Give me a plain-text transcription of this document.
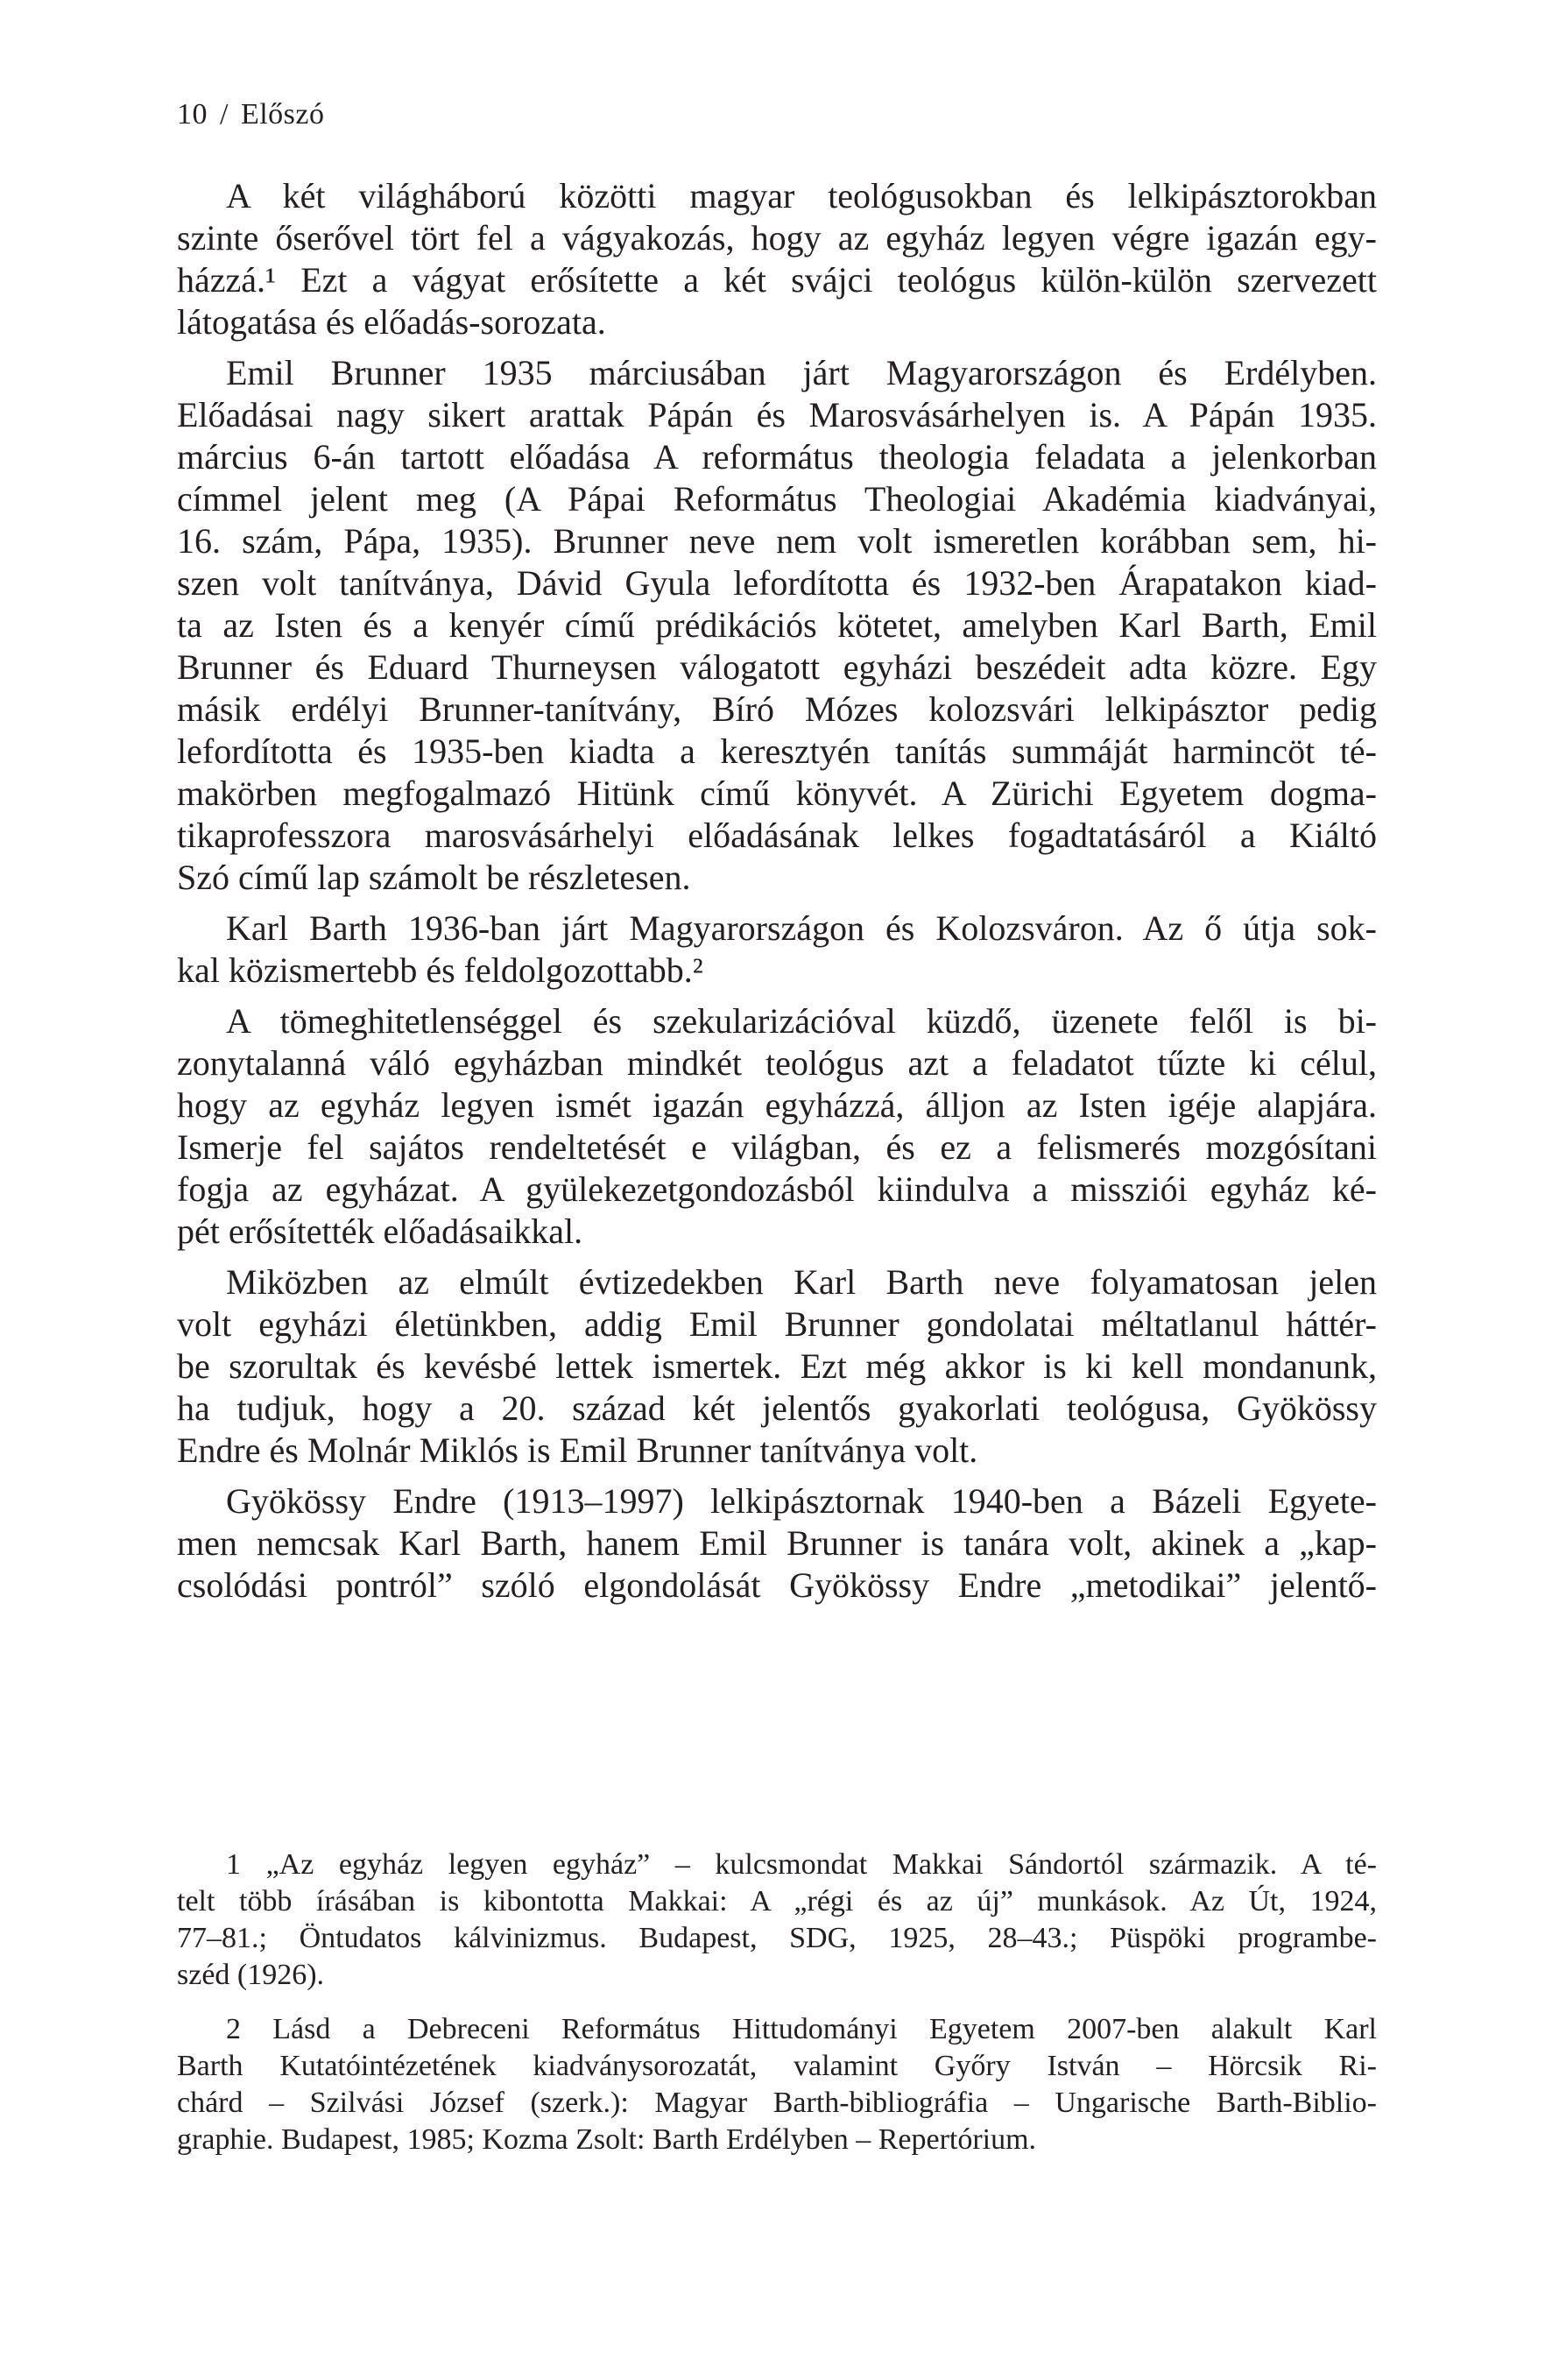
10 / Előszó
A két világháború közötti magyar teológusokban és lelkipásztorokban
szinte őserővel tört fel a vágyakozás, hogy az egyház legyen végre igazán egy-
házzá.¹ Ezt a vágyat erősítette a két svájci teológus külön-külön szervezett
látogatása és előadás-sorozata.
Emil Brunner 1935 márciusában járt Magyarországon és Erdélyben.
Előadásai nagy sikert arattak Pápán és Marosvásárhelyen is. A Pápán 1935.
március 6-án tartott előadása A református theologia feladata a jelenkorban
címmel jelent meg (A Pápai Református Theologiai Akadémia kiadványai,
16. szám, Pápa, 1935). Brunner neve nem volt ismeretlen korábban sem, hi-
szen volt tanítványa, Dávid Gyula lefordította és 1932-ben Árapatakon kiad-
ta az Isten és a kenyér című prédikációs kötetet, amelyben Karl Barth, Emil
Brunner és Eduard Thurneysen válogatott egyházi beszédeit adta közre. Egy
másik erdélyi Brunner-tanítvány, Bíró Mózes kolozsvári lelkipásztor pedig
lefordította és 1935-ben kiadta a keresztyén tanítás summáját harmincöt té-
makörben megfogalmazó Hitünk című könyvét. A Zürichi Egyetem dogma-
tikaprofesszora marosvásárhelyi előadásának lelkes fogadtatásáról a Kiáltó
Szó című lap számolt be részletesen.
Karl Barth 1936-ban járt Magyarországon és Kolozsváron. Az ő útja sok-
kal közismertebb és feldolgozottabb.²
A tömeghitetlenséggel és szekularizációval küzdő, üzenete felől is bi-
zonytalanná váló egyházban mindkét teológus azt a feladatot tűzte ki célul,
hogy az egyház legyen ismét igazán egyházzá, álljon az Isten igéje alapjára.
Ismerje fel sajátos rendeltetését e világban, és ez a felismerés mozgósítani
fogja az egyházat. A gyülekezetgondozásból kiindulva a missziói egyház ké-
pét erősítették előadásaikkal.
Miközben az elmúlt évtizedekben Karl Barth neve folyamatosan jelen
volt egyházi életünkben, addig Emil Brunner gondolatai méltatlanul háttér-
be szorultak és kevésbé lettek ismertek. Ezt még akkor is ki kell mondanunk,
ha tudjuk, hogy a 20. század két jelentős gyakorlati teológusa, Gyökössy
Endre és Molnár Miklós is Emil Brunner tanítványa volt.
Gyökössy Endre (1913–1997) lelkipásztornak 1940-ben a Bázeli Egyete-
men nemcsak Karl Barth, hanem Emil Brunner is tanára volt, akinek a „kap-
csolódási pontról” szóló elgondolását Gyökössy Endre „metodikai” jelentő-
1 „Az egyház legyen egyház” – kulcsmondat Makkai Sándortól származik. A té-
telt több írásában is kibontotta Makkai: A „régi és az új” munkások. Az Út, 1924,
77–81.; Öntudatos kálvinizmus. Budapest, SDG, 1925, 28–43.; Püspöki programbe-
széd (1926).
2 Lásd a Debreceni Református Hittudományi Egyetem 2007-ben alakult Karl
Barth Kutatóintézetének kiadványsorozatát, valamint Győry István – Hörcsik Ri-
chárd – Szilvási József (szerk.): Magyar Barth-bibliográfia – Ungarische Barth-Biblio-
graphie. Budapest, 1985; Kozma Zsolt: Barth Erdélyben – Repertórium.
